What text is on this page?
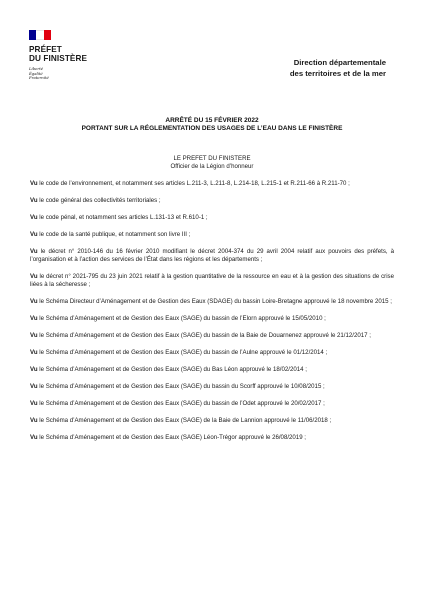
PRÉFET
DU FINISTÈRE
Liberté
Égalité
Fraternité
Direction départementale
des territoires et de la mer
ARRÊTÉ DU 15 FÉVRIER 2022
PORTANT SUR LA RÉGLEMENTATION DES USAGES DE L’EAU DANS LE FINISTÈRE
LE PREFET DU FINISTERE
Officier de la Légion d’honneur

Vu le code de l’environnement, et notamment ses articles L.211-3, L.211-8, L.214-18, L.215-1 et R.211-66 à R.211-70 ;

Vu le code général des collectivités territoriales ;

Vu le code pénal, et notamment ses articles L.131-13 et R.610-1 ;

Vu le code de la santé publique, et notamment son livre III ;

Vu le décret n° 2010-146 du 16 février 2010 modifiant le décret 2004-374 du 29 avril 2004 relatif aux pouvoirs des préfets, à l’organisation et à l’action des services de l’État dans les régions et les départements ;

Vu le décret n° 2021-795 du 23 juin 2021 relatif à la gestion quantitative de la ressource en eau et à la gestion des situations de crise liées à la sécheresse ;

Vu le Schéma Directeur d’Aménagement et de Gestion des Eaux (SDAGE) du bassin Loire-Bretagne approuvé le 18 novembre 2015 ;

Vu le Schéma d’Aménagement et de Gestion des Eaux (SAGE) du bassin de l’Elorn approuvé le 15/05/2010 ;

Vu le Schéma d’Aménagement et de Gestion des Eaux (SAGE) du bassin de la Baie de Douarnenez approuvé le 21/12/2017 ;

Vu le Schéma d’Aménagement et de Gestion des Eaux (SAGE) du bassin de l’Aulne approuvé le 01/12/2014 ;

Vu le Schéma d’Aménagement et de Gestion des Eaux (SAGE) du Bas Léon approuvé le 18/02/2014 ;

Vu le Schéma d’Aménagement et de Gestion des Eaux (SAGE) du bassin du Scorff approuvé le 10/08/2015 ;

Vu le Schéma d’Aménagement et de Gestion des Eaux (SAGE) du bassin de l’Odet approuvé le 20/02/2017 ;

Vu le Schéma d’Aménagement et de Gestion des Eaux (SAGE) de la Baie de Lannion approuvé le 11/06/2018 ;

Vu le Schéma d’Aménagement et de Gestion des Eaux (SAGE) Léon-Trégor approuvé le 26/08/2019 ;
